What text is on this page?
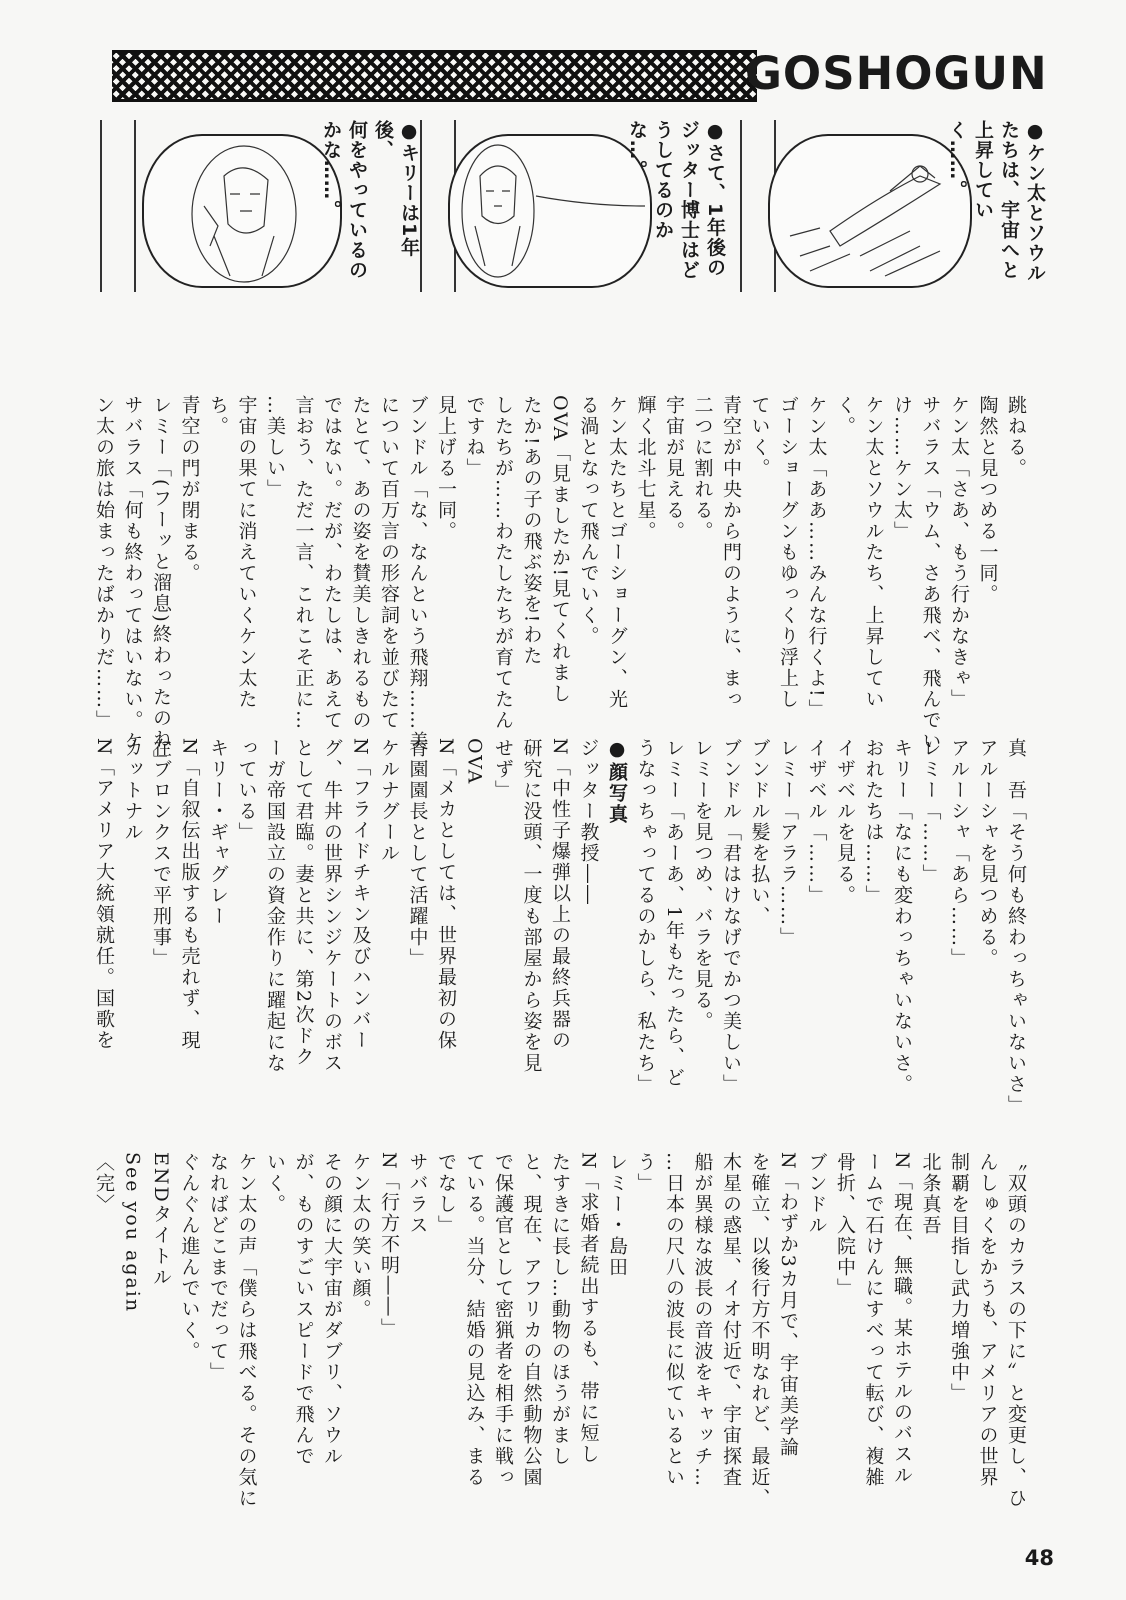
GOSHOGUN
●ケン太とソウル
たちは、宇宙へと
上昇していく……。
●さて、1年後の
ジッター博士はど
うしてるのかな…。
●キリーは1年後、
何をやっているの
かな……。

跳ねる。

陶然と見つめる一同。

ケン太「さあ、もう行かなきゃ」

サバラス「ウム、さあ飛べ、飛んでい

け……ケン太」

ケン太とソウルたち、上昇してい

く。

ケン太「ああ……みんな行くよ!」

ゴーショーグンもゆっくり浮上し

ていく。

青空が中央から門のように、まっ

二つに割れる。

宇宙が見える。

輝く北斗七星。

ケン太たちとゴーショーグン、光

る渦となって飛んでいく。

OVA「見ましたか!見てくれまし

たか!あの子の飛ぶ姿を!わた

したちが……わたしたちが育てたん

ですね」

見上げる一同。

ブンドル「な、なんという飛翔……美

について百万言の形容詞を並びたて

たとて、あの姿を賛美しきれるもの

ではない。だが、わたしは、あえて

言おう、ただ一言、これこそ正に…

…美しい」

宇宙の果てに消えていくケン太た

ち。

青空の門が閉まる。

レミー「(フーッと溜息)終わったのね」

サバラス「何も終わってはいない。ケ

ン太の旅は始まったばかりだ……」

真　吾「そう何も終わっちゃいないさ」

アルーシャを見つめる。

アルーシャ「あら……」

レミー「……」

キリー「なにも変わっちゃいないさ。

おれたちは……」

イザベルを見る。

イザベル「……」

レミー「アララ……」

ブンドル髪を払い、

ブンドル「君はけなげでかつ美しい」

レミーを見つめ、バラを見る。

レミー「あーあ、1年もたったら、ど

うなっちゃってるのかしら、私たち」

●顔写真

ジッター教授――

N「中性子爆弾以上の最終兵器の

研究に没頭、一度も部屋から姿を見

せず」

OVA

N「メカとしては、世界最初の保

育園園長として活躍中」

ケルナグール

N「フライドチキン及びハンバー

グ、牛丼の世界シンジケートのボス

として君臨。妻と共に、第2次ドク

ーガ帝国設立の資金作りに躍起にな

っている」

キリー・ギャグレー

N「自叙伝出版するも売れず、現

在ブロンクスで平刑事」

カットナル

N「アメリア大統領就任。国歌を

〝双頭のカラスの下に〟と変更し、ひ

んしゅくをかうも、アメリアの世界

制覇を目指し武力増強中」

北条真吾

N「現在、無職。某ホテルのバスル

ームで石けんにすべって転び、複雑

骨折、入院中」

ブンドル

N「わずか3カ月で、宇宙美学論

を確立、以後行方不明なれど、最近、

木星の惑星、イオ付近で、宇宙探査

船が異様な波長の音波をキャッチ…

…日本の尺八の波長に似ているとい

う」

レミー・島田

N「求婚者続出するも、帯に短し

たすきに長し…動物のほうがまし

と、現在、アフリカの自然動物公園

で保護官として密猟者を相手に戦っ

ている。当分、結婚の見込み、まる

でなし」

サバラス

N「行方不明――」

ケン太の笑い顔。

その顔に大宇宙がダブリ、ソウル

が、ものすごいスピードで飛んで

いく。

ケン太の声「僕らは飛べる。その気に

なればどこまでだって」

ぐんぐん進んでいく。

ENDタイトル

See you again

〈完〉

48
